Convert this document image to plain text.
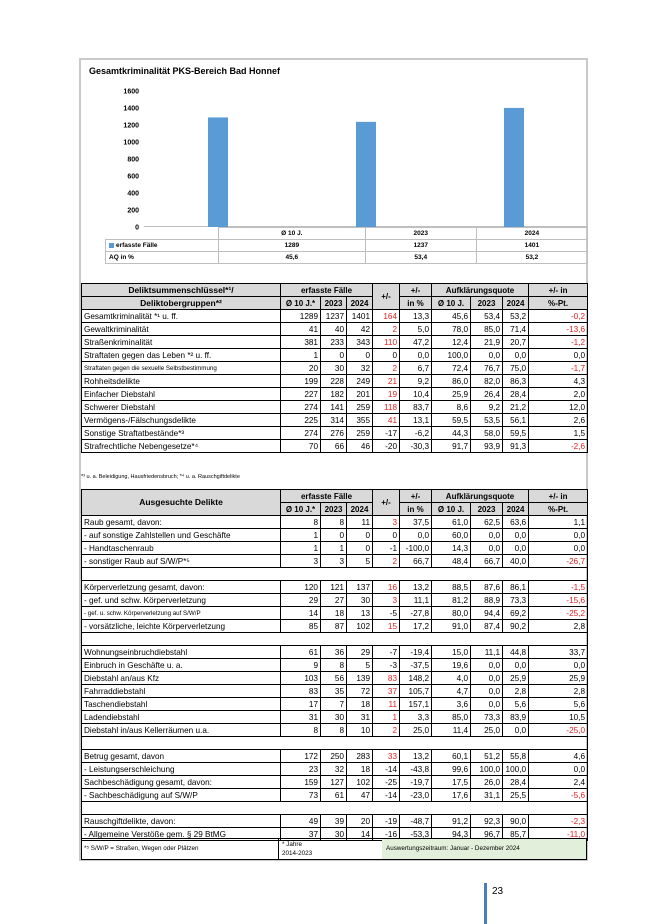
Gesamtkriminalität PKS-Bereich Bad Honnef
0
200
400
600
800
1000
1200
1400
1600
	Ø 10 J.	2023	2024
erfasste Fälle	1289	1237	1401
AQ in %	45,6	53,4	53,2
Deliktsummenschlüssel*¹/	erfasste Fälle			+/-	+/-	Aufklärungsquote			+/- in
Deliktobergruppen*²	Ø 10 J.*	2023	2024		in %	Ø 10 J.	2023	2024	%-Pt.
Gesamtkriminalität *¹ u. ff.	1289	1237	1401	164	13,3	45,6	53,4	53,2	-0,2
Gewaltkriminalität	41	40	42	2	5,0	78,0	85,0	71,4	-13,6
Straßenkriminalität	381	233	343	110	47,2	12,4	21,9	20,7	-1,2
Straftaten gegen das Leben *² u. ff.	1	0	0	0	0,0	100,0	0,0	0,0	0,0
Straftaten gegen die sexuelle Selbstbestimmung	20	30	32	2	6,7	72,4	76,7	75,0	-1,7
Rohheitsdelikte	199	228	249	21	9,2	86,0	82,0	86,3	4,3
Einfacher Diebstahl	227	182	201	19	10,4	25,9	26,4	28,4	2,0
Schwerer Diebstahl	274	141	259	118	83,7	8,6	9,2	21,2	12,0
Vermögens-/Fälschungsdelikte	225	314	355	41	13,1	59,5	53,5	56,1	2,6
Sonstige Straftatbestände*³	274	276	259	-17	-6,2	44,3	58,0	59,5	1,5
Strafrechtliche Nebengesetze*⁴	70	66	46	-20	-30,3	91,7	93,9	91,3	-2,6
*³ u. a. Beleidigung, Hausfriedensbruch; *⁴ u. a. Rauschgiftdelikte
Ausgesuchte Delikte	erfasste Fälle			+/-	+/-	Aufklärungsquote			+/- in
	Ø 10 J.*	2023	2024		in %	Ø 10 J.	2023	2024	%-Pt.
Raub gesamt, davon:	8	8	11	3	37,5	61,0	62,5	63,6	1,1
- auf sonstige Zahlstellen und Geschäfte	1	0	0	0	0,0	60,0	0,0	0,0	0,0
- Handtaschenraub	1	1	0	-1	-100,0	14,3	0,0	0,0	0,0
- sonstiger Raub auf S/W/P*⁵	3	3	5	2	66,7	48,4	66,7	40,0	-26,7

Körperverletzung gesamt, davon:	120	121	137	16	13,2	88,5	87,6	86,1	-1,5
- gef. und schw. Körperverletzung	29	27	30	3	11,1	81,2	88,9	73,3	-15,6
- gef. u. schw. Körperverletzung auf S/W/P	14	18	13	-5	-27,8	80,0	94,4	69,2	-25,2
- vorsätzliche, leichte Körperverletzung	85	87	102	15	17,2	91,0	87,4	90,2	2,8

Wohnungseinbruchdiebstahl	61	36	29	-7	-19,4	15,0	11,1	44,8	33,7
Einbruch in Geschäfte u. a.	9	8	5	-3	-37,5	19,6	0,0	0,0	0,0
Diebstahl an/aus Kfz	103	56	139	83	148,2	4,0	0,0	25,9	25,9
Fahrraddiebstahl	83	35	72	37	105,7	4,7	0,0	2,8	2,8
Taschendiebstahl	17	7	18	11	157,1	3,6	0,0	5,6	5,6
Ladendiebstahl	31	30	31	1	3,3	85,0	73,3	83,9	10,5
Diebstahl in/aus Kellerräumen u.a.	8	8	10	2	25,0	11,4	25,0	0,0	-25,0

Betrug gesamt, davon	172	250	283	33	13,2	60,1	51,2	55,8	4,6
- Leistungserschleichung	23	32	18	-14	-43,8	99,6	100,0	100,0	0,0
Sachbeschädigung gesamt, davon:	159	127	102	-25	-19,7	17,5	26,0	28,4	2,4
- Sachbeschädigung auf S/W/P	73	61	47	-14	-23,0	17,6	31,1	25,5	-5,6

Rauschgiftdelikte, davon:	49	39	20	-19	-48,7	91,2	92,3	90,0	-2,3
- Allgemeine Verstöße gem. § 29 BtMG	37	30	14	-16	-53,3	94,3	96,7	85,7	-11,0
*⁵ S/W/P = Straßen, Wegen oder Plätzen
* Jahre
2014-2023
Auswertungszeitraum: Januar - Dezember 2024
23
